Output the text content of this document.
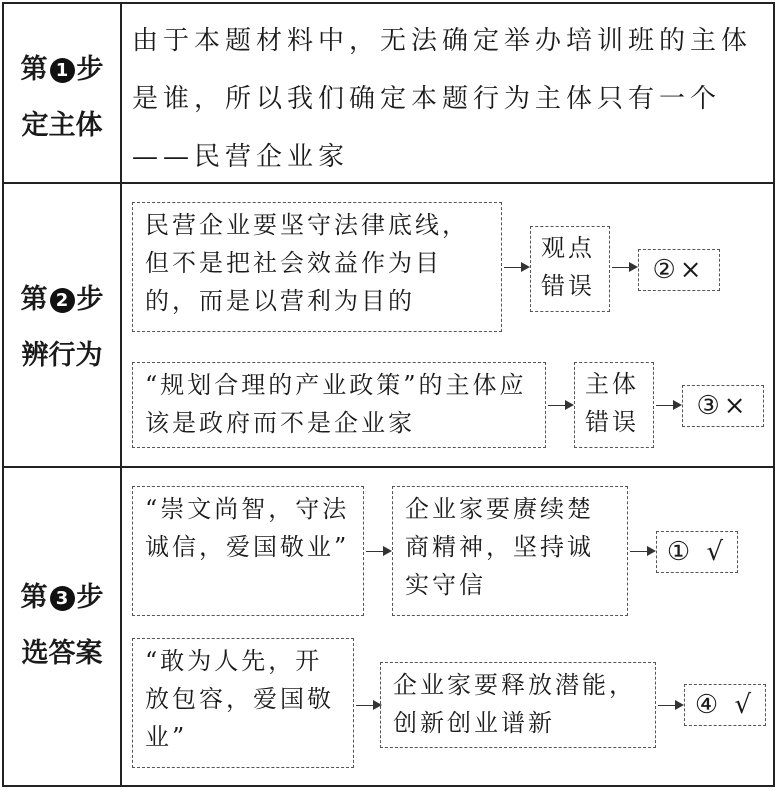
第 1 步
定主体
由于本题材料中，无法确定举办培训班的主体是谁，所以我们确定本题行为主体只有一个——民营企业家
第 2 步
辨行为
民营企业要坚守法律底线，但不是把社会效益作为目的，而是以营利为目的
观点错误
②×
“规划合理的产业政策”的主体应该是政府而不是企业家
主体错误
③×
第 3 步
选答案
“崇文尚智，守法诚信，爱国敬业”
企业家要赓续楚商精神，坚持诚实守信
① √
“敢为人先，开放包容，爱国敬业”
企业家要释放潜能，创新创业谱新
④ √
